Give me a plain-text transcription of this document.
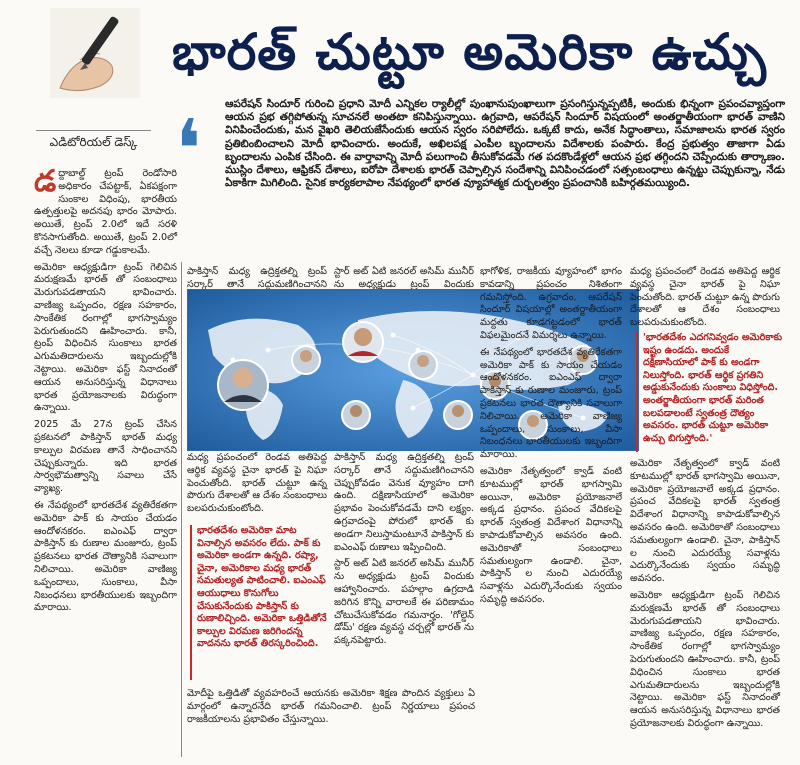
భారత్ చుట్టూ అమెరికా ఉచ్చు
ఎడిటోరియల్ డెస్క్ ❛ ఆపరేషన్ సిందూర్ గురించి ప్రధాని మోదీ ఎన్నికల ర్యాలీల్లో పుంఖానుపుంఖాలుగా ప్రసంగిస్తున్నప్పటికీ, అందుకు భిన్నంగా ప్రపంచవ్యాప్తంగా ఆయన ప్రభ తగ్గిపోతున్న సూచనలే అంతటా కనిపిస్తున్నాయి. ఉగ్రవాది, ఆపరేషన్ సిందూర్ విషయంలో అంతర్జాతీయంగా భారత్ వాణిని వినిపించేందుకు, మన వైఖరి తెలియజేసేందుకు ఆయన స్వరం సరిపోలేదు. ఒక్కటే కాదు, అనేక సిద్ధాంతాలు, సమాజాలను భారత స్వరం ప్రతిబింబించాలని మోదీ భావించారు. అందుకే, అఖిలపక్ష ఎంపీల బృందాలను విదేశాలకు పంపారు. కేంద్ర ప్రభుత్వం తాజాగా ఏడు బృందాలను ఎంపిక చేసింది. ఈ వార్తావాన్ని మోదీ పలుగాంచి తీసుకోవడమే గత పదకొండేళ్లలో ఆయన ప్రభ తగ్గిందని చెప్పేందుకు తార్కాణం. ముస్లిం దేశాలు, ఆఫ్రికన్ దేశాలు, ఐరోపా దేశాలకు భారత్ చెప్పాల్సిన సందేశాన్ని వినిపించడంలో సత్సంబంధాలు ఉన్నట్టు చెప్పుకున్నా, నేడు ఏకాకిగా మిగిలింది. సైనిక కార్యకలాపాల నేపథ్యంలో భారత వ్యూహాత్మక దుర్బలత్వం ప్రపంచానికి బహిర్గతమయ్యింది.

డద్దాబాల్డ్ ట్రంప్ రెండోసారి అధికారం చేపట్టాక్, ఏకపక్షంగా సుంకాల విధింపు, భారతీయ ఉత్పత్తులపై అదనపు భారం మోపారు. అయితే, ట్రంప్ 2.0లో ఇదే సరళి కొనసాగుతోంది. అయితే, ట్రంప్ 2.0లో వచ్చే నెలలు కూడా గడ్డుకాలమే.

అమెరికా ఆధ్యక్షుడిగా ట్రంప్ గెలిచిన మరుక్షణమే భారత్ తో సంబంధాలు మెరుగుపడతాయని భావించారు. వాణిజ్య ఒప్పందం, రక్షణ సహకారం, సాంకేతిక రంగాల్లో భాగస్వామ్యం పెరుగుతుందని ఊహించారు. కానీ, ట్రంప్ విధించిన సుంకాలు భారత ఎగుమతిదారులను ఇబ్బందుల్లోకి నెట్టాయి. అమెరికా ఫస్ట్ నినాదంతో ఆయన అనుసరిస్తున్న విధానాలు భారత ప్రయోజనాలకు విరుద్ధంగా ఉన్నాయి.

2025 మే 27న ట్రంప్ చేసిన ప్రకటనలో పాకిస్తాన్ భారత్ మధ్య కాల్పుల విరమణ తానే సాధించానని చెప్పుకున్నారు. ఇది భారత సార్వభౌమత్వాన్ని సవాలు చేసే వ్యాఖ్య.

ఈ నేపథ్యంలో భారతదేశ వ్యతిరేకతగా అమెరికా పాక్ కు సాయం చేయడం ఆందోళనకరం. ఐఎంఎఫ్ ద్వారా పాకిస్తాన్ కు రుణాల మంజూరు, ట్రంప్ ప్రకటనలు భారత దౌత్యానికి సవాలుగా నిలిచాయి. అమెరికా వాణిజ్య ఒప్పందాలు, సుంకాలు, వీసా నిబంధనలు భారతీయులకు ఇబ్బందిగా మారాయి.

పాకిస్తాన్ మధ్య ఉద్రిక్తతల్ని ట్రంప్ సర్కార్ తానే సద్దుమణిగించానని

స్టార్ అట్ ఏటి జనరల్ అసిమ్ మునీర్ ను అధ్యక్షుడు ట్రంప్ విందుకు

మధ్య ప్రపంచంలో రెండవ అతిపెద్ద ఆర్థిక వ్యవస్థ చైనా భారత్ పై నిఘా పెంచుతోంది. భారత్ చుట్టూ ఉన్న పొరుగు దేశాలతో ఆ దేశం సంబంధాలు బలపరుచుకుంటోంది.

భారతదేశం అమెరికా మాట వినాల్సిన అవసరం లేదు. పాక్ కు అమెరికా అండగా ఉన్నది. రష్యా, చైనా, అమెరికాల మధ్య భారత్ సమతుల్యత పాటించాలి. ఐఎంఎఫ్ ఆయుధాలు కొనుగోలు చేసుకునేందుకు పాకిస్తాన్ కు రుణాలిచ్చింది. అమెరికా ఒత్తిడితోనే కాల్పుల విరమణ జరిగిందన్న వాదనను భారత్ తిరస్కరించింది.

పాకిస్తాన్ మధ్య ఉద్రిక్తతల్ని ట్రంప్ సర్కార్ తానే సద్దుమణిగించానని చెప్పుకోవడం వెనుక వ్యూహం దాగి ఉంది. దక్షిణాసియాలో అమెరికా ప్రభావం పెంచుకోవడమే దాని లక్ష్యం. ఉగ్రవాదంపై పోరులో భారత్ కు అండగా నిలుస్తామంటూనే పాకిస్తాన్ కు ఐఎంఎఫ్ రుణాలు ఇప్పించింది.

స్టార్ అట్ ఏటి జనరల్ అసిమ్ మునీర్ ను అధ్యక్షుడు ట్రంప్ విందుకు ఆహ్వానించారు. పహల్గాం ఉగ్రదాడి జరిగిన కొన్ని వారాలకే ఈ పరిణామం చోటుచేసుకోవడం గమనార్హం. 'గోల్డెన్ డోమ్' రక్షణ వ్యవస్థ చర్చల్లో భారత్ ను పక్కనపెట్టారు.

మోదీపై ఒత్తిడితో వ్యవహరించే ఆయనకు అమెరికా శిక్షణ పొందిన వ్యక్తులు ఏ మార్గంలో ఉన్నారనేది భారత్ గమనించాలి. ట్రంప్ నిర్ణయాలు ప్రపంచ రాజకీయాలను ప్రభావితం చేస్తున్నాయి.

భాగోళిక, రాజకీయ వ్యూహంలో భాగం కావడాన్ని ప్రపంచం నిశితంగా గమనిస్తోంది. ఉగ్రవాదం, ఆపరేషన్ సిందూర్ విషయాల్లో అంతర్జాతీయంగా మద్దతు కూడగట్టడంలో భారత్ విఫలమైందనే విమర్శలు ఉన్నాయి.

ఈ నేపథ్యంలో భారతదేశ వ్యతిరేకతగా అమెరికా పాక్ కు సాయం చేయడం ఆందోళనకరం. ఐఎంఎఫ్ ద్వారా పాకిస్తాన్ కు రుణాల మంజూరు, ట్రంప్ ప్రకటనలు భారత దౌత్యానికి సవాలుగా నిలిచాయి. అమెరికా వాణిజ్య ఒప్పందాలు, సుంకాలు, వీసా నిబంధనలు భారతీయులకు ఇబ్బందిగా మారాయి.

అమెరికా నేతృత్వంలో క్వాడ్ వంటి కూటముల్లో భారత్ భాగస్వామి అయినా, అమెరికా ప్రయోజనాలే అక్కడ ప్రధానం. ప్రపంచ వేదికలపై భారత్ స్వతంత్ర విదేశాంగ విధానాన్ని కాపాడుకోవాల్సిన అవసరం ఉంది. అమెరికాతో సంబంధాలు సమతుల్యంగా ఉండాలి. చైనా, పాకిస్తాన్ ల నుంచి ఎదురయ్యే సవాళ్లను ఎదుర్కొనేందుకు స్వయం సమృద్ధి అవసరం.

మధ్య ప్రపంచంలో రెండవ అతిపెద్ద ఆర్థిక వ్యవస్థ చైనా భారత్ పై నిఘా పెంచుతోంది. భారత్ చుట్టూ ఉన్న పొరుగు దేశాలతో ఆ దేశం సంబంధాలు బలపరుచుకుంటోంది.

'భారతదేశం ఎదగనివ్వడం అమెరికాకు ఇష్టం ఉండదు. అందుకే దక్షిణాసియాలో పాక్ కు అండగా నిలుస్తోంది. భారత్ ఆర్థిక ప్రగతిని అడ్డుకునేందుకు సుంకాలు విధిస్తోంది. అంతర్జాతీయంగా భారత్ మరింత బలపడాలంటే స్వతంత్ర దౌత్యం అవసరం. భారత్ చుట్టూ అమెరికా ఉచ్చు బిగుస్తోంది.'

అమెరికా నేతృత్వంలో క్వాడ్ వంటి కూటముల్లో భారత్ భాగస్వామి అయినా, అమెరికా ప్రయోజనాలే అక్కడ ప్రధానం. ప్రపంచ వేదికలపై భారత్ స్వతంత్ర విదేశాంగ విధానాన్ని కాపాడుకోవాల్సిన అవసరం ఉంది. అమెరికాతో సంబంధాలు సమతుల్యంగా ఉండాలి. చైనా, పాకిస్తాన్ ల నుంచి ఎదురయ్యే సవాళ్లను ఎదుర్కొనేందుకు స్వయం సమృద్ధి అవసరం.

అమెరికా ఆధ్యక్షుడిగా ట్రంప్ గెలిచిన మరుక్షణమే భారత్ తో సంబంధాలు మెరుగుపడతాయని భావించారు. వాణిజ్య ఒప్పందం, రక్షణ సహకారం, సాంకేతిక రంగాల్లో భాగస్వామ్యం పెరుగుతుందని ఊహించారు. కానీ, ట్రంప్ విధించిన సుంకాలు భారత ఎగుమతిదారులను ఇబ్బందుల్లోకి నెట్టాయి. అమెరికా ఫస్ట్ నినాదంతో ఆయన అనుసరిస్తున్న విధానాలు భారత ప్రయోజనాలకు విరుద్ధంగా ఉన్నాయి.
